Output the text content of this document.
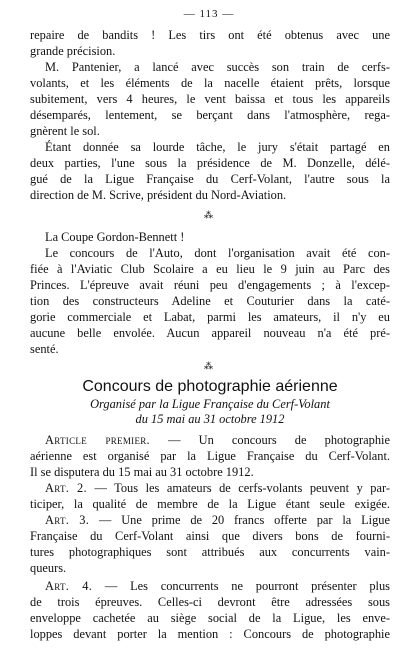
— 113 —
repaire de bandits ! Les tirs ont été obtenus avec une
grande précision.
M. Pantenier, a lancé avec succès son train de cerfs-
volants, et les éléments de la nacelle étaient prêts, lorsque
subitement, vers 4 heures, le vent baissa et tous les appareils
désemparés, lentement, se berçant dans l'atmosphère, rega-
gnèrent le sol.
Étant donnée sa lourde tâche, le jury s'était partagé en
deux parties, l'une sous la présidence de M. Donzelle, délé-
gué de la Ligue Française du Cerf-Volant, l'autre sous la
direction de M. Scrive, président du Nord-Aviation.
⁂
La Coupe Gordon-Bennett !
Le concours de l'Auto, dont l'organisation avait été con-
fiée à l'Aviatic Club Scolaire a eu lieu le 9 juin au Parc des
Princes. L'épreuve avait réuni peu d'engagements ; à l'excep-
tion des constructeurs Adeline et Couturier dans la caté-
gorie commerciale et Labat, parmi les amateurs, il n'y eu
aucune belle envolée. Aucun appareil nouveau n'a été pré-
senté.
⁂
Concours de photographie aérienne
Organisé par la Ligue Française du Cerf-Volant
du 15 mai au 31 octobre 1912
Article premier. — Un concours de photographie
aérienne est organisé par la Ligue Française du Cerf-Volant.
Il se disputera du 15 mai au 31 octobre 1912.
Art. 2. — Tous les amateurs de cerfs-volants peuvent y par-
ticiper, la qualité de membre de la Ligue étant seule exigée.
Art. 3. — Une prime de 20 francs offerte par la Ligue
Française du Cerf-Volant ainsi que divers bons de fourni-
tures photographiques sont attribués aux concurrents vain-
queurs.
Art. 4. — Les concurrents ne pourront présenter plus
de trois épreuves. Celles-ci devront être adressées sous
enveloppe cachetée au siège social de la Ligue, les enve-
loppes devant porter la mention : Concours de photographie
